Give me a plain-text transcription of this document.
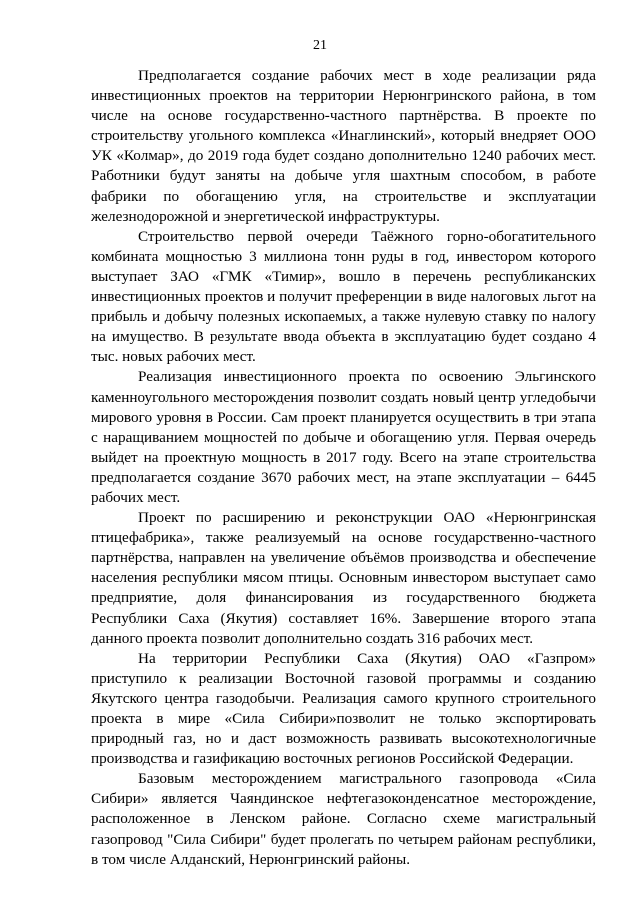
21

Предполагается создание рабочих мест в ходе реализации ряда инвестиционных проектов на территории Нерюнгринского района, в том числе на основе государственно-частного партнёрства. В проекте по строительству угольного комплекса «Инаглинский», который внедряет ООО УК «Колмар», до 2019 года будет создано дополнительно 1240 рабочих мест. Работники будут заняты на добыче угля шахтным способом, в работе фабрики по обогащению угля, на строительстве и эксплуатации железнодорожной и энергетической инфраструктуры.

Строительство первой очереди Таёжного горно-обогатительного комбината мощностью 3 миллиона тонн руды в год, инвестором которого выступает ЗАО «ГМК «Тимир», вошло в перечень республиканских инвестиционных проектов и получит преференции в виде налоговых льгот на прибыль и добычу полезных ископаемых, а также нулевую ставку по налогу на имущество. В результате ввода объекта в эксплуатацию будет создано 4 тыс. новых рабочих мест.

Реализация инвестиционного проекта по освоению Эльгинского каменноугольного месторождения позволит создать новый центр угледобычи мирового уровня в России. Сам проект планируется осуществить в три этапа с наращиванием мощностей по добыче и обогащению угля. Первая очередь выйдет на проектную мощность в 2017 году. Всего на этапе строительства предполагается создание 3670 рабочих мест, на этапе эксплуатации – 6445 рабочих мест.

Проект по расширению и реконструкции ОАО «Нерюнгринская птицефабрика», также реализуемый на основе государственно-частного партнёрства, направлен на увеличение объёмов производства и обеспечение населения республики мясом птицы. Основным инвестором выступает само предприятие, доля финансирования из государственного бюджета Республики Саха (Якутия) составляет 16%. Завершение второго этапа данного проекта позволит дополнительно создать 316 рабочих мест.

На территории Республики Саха (Якутия) ОАО «Газпром» приступило к реализации Восточной газовой программы и созданию Якутского центра газодобычи. Реализация самого крупного строительного проекта в мире «Сила Сибири»позволит не только экспортировать природный газ, но и даст возможность развивать высокотехнологичные производства и газификацию восточных регионов Российской Федерации.

Базовым месторождением магистрального газопровода «Сила Сибири» является Чаяндинское нефтегазоконденсатное месторождение, расположенное в Ленском районе. Согласно схеме магистральный газопровод "Сила Сибири" будет пролегать по четырем районам республики, в том числе Алданский, Нерюнгринский районы.
